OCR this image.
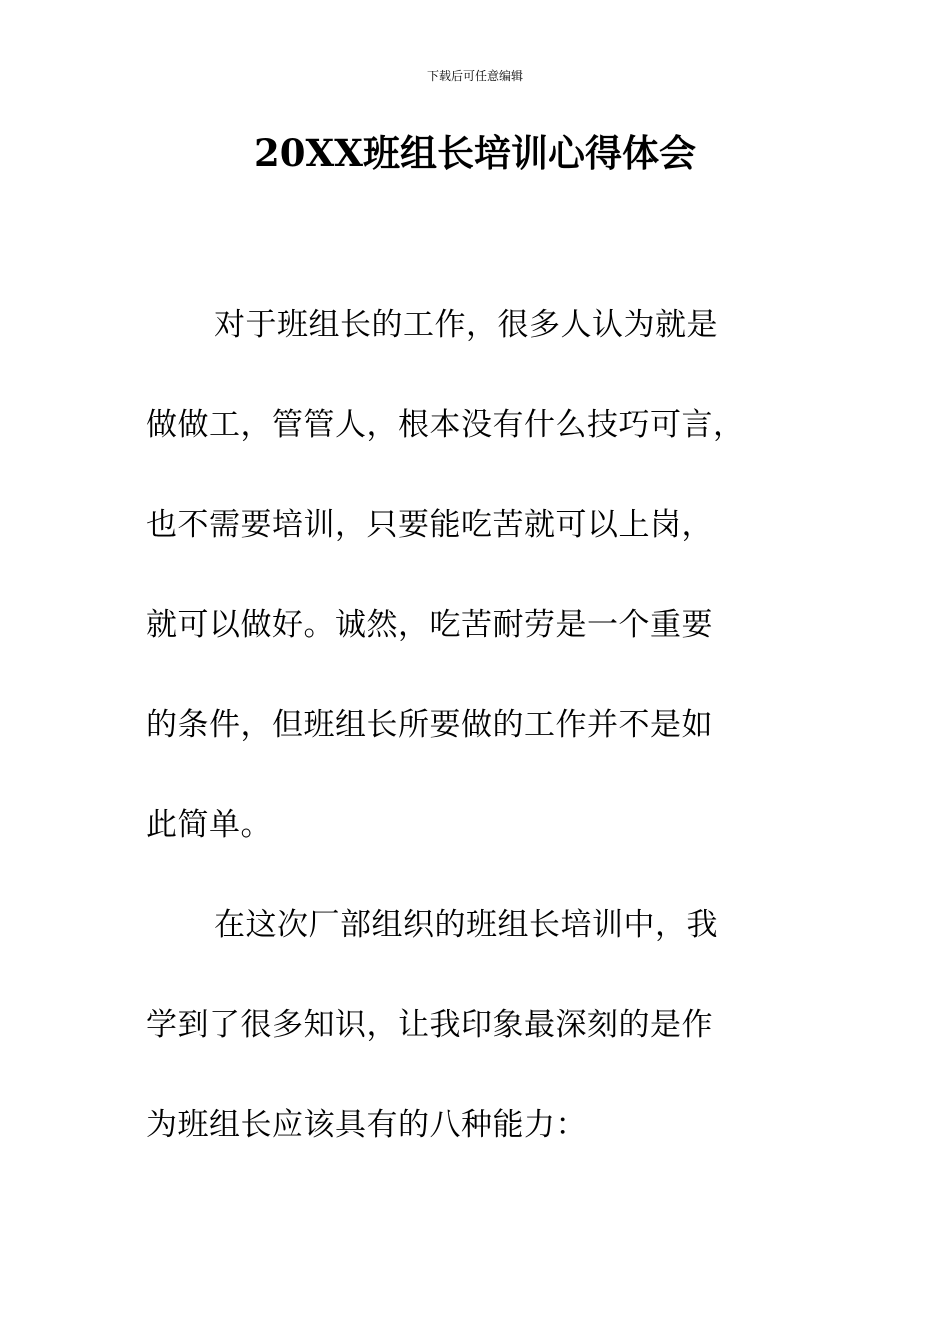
下载后可任意编辑
20XX班组长培训心得体会
对于班组长的工作，很多人认为就是
做做工，管管人，根本没有什么技巧可言，
也不需要培训，只要能吃苦就可以上岗，
就可以做好。诚然，吃苦耐劳是一个重要
的条件，但班组长所要做的工作并不是如
此简单。
在这次厂部组织的班组长培训中，我
学到了很多知识，让我印象最深刻的是作
为班组长应该具有的八种能力：
